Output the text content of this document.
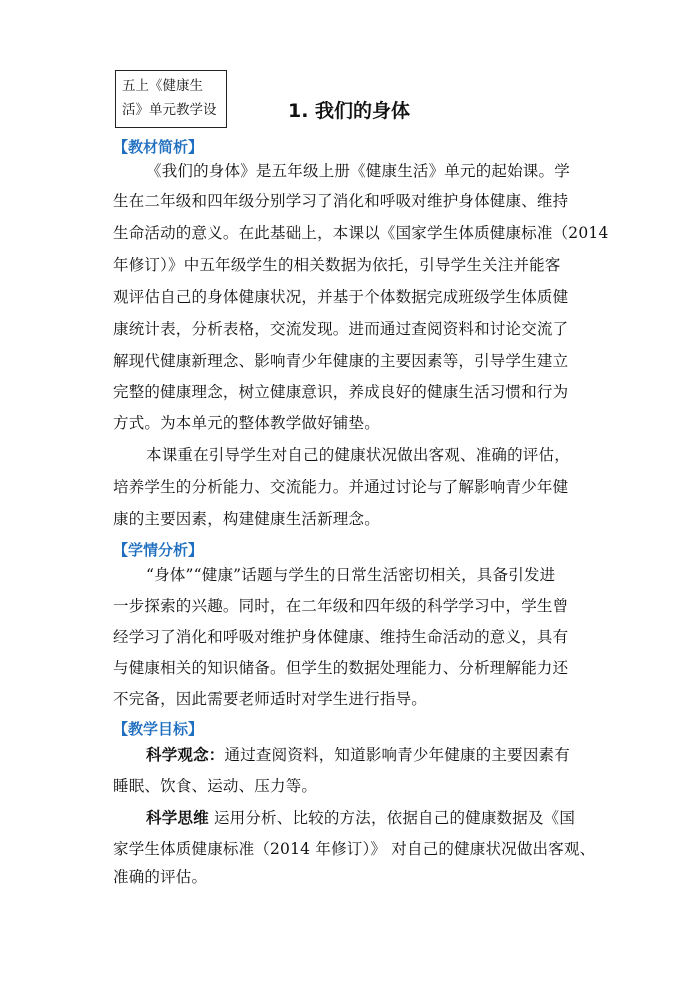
五上《健康生
活》单元教学设	1. 我们的身体
【教材简析】
《我们的身体》是五年级上册《健康生活》单元的起始课。学
生在二年级和四年级分别学习了消化和呼吸对维护身体健康、维持
生命活动的意义。在此基础上，本课以《国家学生体质健康标准（2014
年修订）》中五年级学生的相关数据为依托，引导学生关注并能客
观评估自己的身体健康状况，并基于个体数据完成班级学生体质健
康统计表，分析表格，交流发现。进而通过查阅资料和讨论交流了
解现代健康新理念、影响青少年健康的主要因素等，引导学生建立
完整的健康理念，树立健康意识，养成良好的健康生活习惯和行为
方式。为本单元的整体教学做好铺垫。
本课重在引导学生对自己的健康状况做出客观、准确的评估，
培养学生的分析能力、交流能力。并通过讨论与了解影响青少年健
康的主要因素，构建健康生活新理念。
【学情分析】
“身体”“健康”话题与学生的日常生活密切相关，具备引发进
一步探索的兴趣。同时，在二年级和四年级的科学学习中，学生曾
经学习了消化和呼吸对维护身体健康、维持生命活动的意义，具有
与健康相关的知识储备。但学生的数据处理能力、分析理解能力还
不完备，因此需要老师适时对学生进行指导。
【教学目标】
科学观念：通过查阅资料，知道影响青少年健康的主要因素有
睡眠、饮食、运动、压力等。
科学思维 运用分析、比较的方法，依据自己的健康数据及《国
家学生体质健康标准（2014 年修订）》 对自己的健康状况做出客观、
准确的评估。
